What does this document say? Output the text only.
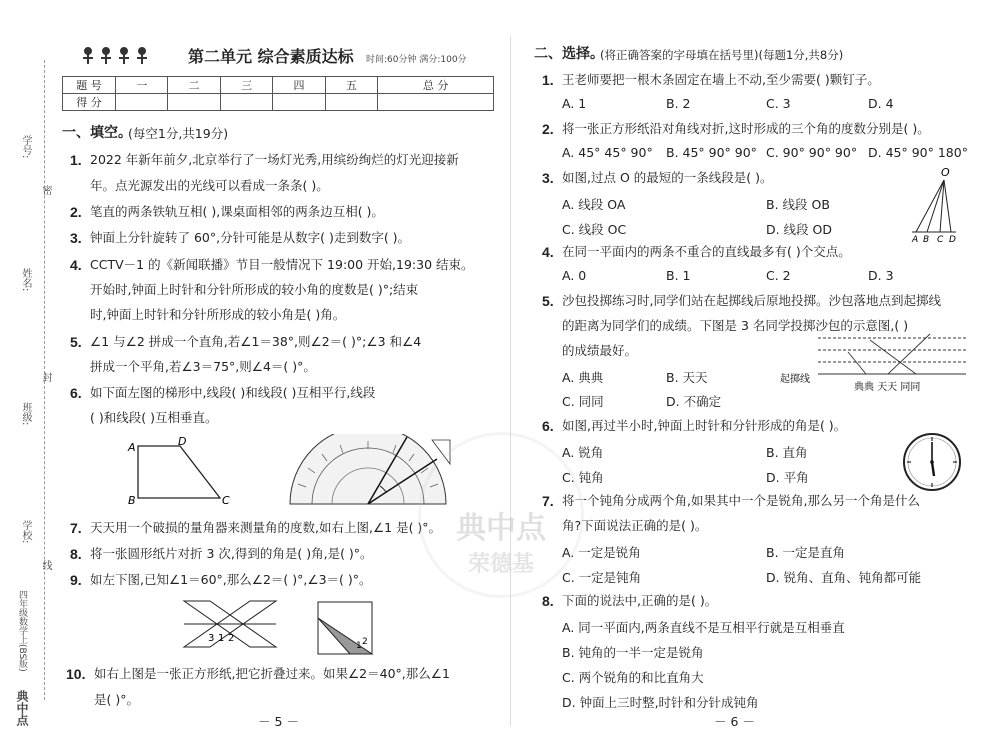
学号:
姓名:
班级:
学校:
密
封
线
四年级数学上(BS版)
典中点
第二单元 综合素质达标 时间:60分钟 满分:100分
题 号	一	二	三	四	五	总 分
得 分						
一、填空。
(每空1分,共19分)
1. 2022 年新年前夕,北京举行了一场灯光秀,用缤纷绚烂的灯光迎接新
年。点光源发出的光线可以看成一条条( )。
2. 笔直的两条铁轨互相( ),课桌面相邻的两条边互相( )。
3. 钟面上分针旋转了 60°,分针可能是从数字( )走到数字( )。
4. CCTV－1 的《新闻联播》节目一般情况下 19:00 开始,19:30 结束。
开始时,钟面上时针和分针所形成的较小角的度数是( )°;结束
时,钟面上时针和分针所形成的较小角是( )角。
5. ∠1 与∠2 拼成一个直角,若∠1＝38°,则∠2＝( )°;∠3 和∠4
拼成一个平角,若∠3＝75°,则∠4＝( )°。
6. 如下面左图的梯形中,线段( )和线段( )互相平行,线段
( )和线段( )互相垂直。
A	D
B	C
7. 天天用一个破损的量角器来测量角的度数,如右上图,∠1 是( )°。
8. 将一张圆形纸片对折 3 次,得到的角是( )角,是( )°。
9. 如左下图,已知∠1＝60°,那么∠2＝( )°,∠3＝( )°。
3 1 2
1 2
10. 如右上图是一张正方形纸,把它折叠过来。如果∠2＝40°,那么∠1
是( )°。
－ 5 －
二、选择。
(将正确答案的字母填在括号里)(每题1分,共8分)
1. 王老师要把一根木条固定在墙上不动,至少需要( )颗钉子。
A. 1	B. 2	C. 3	D. 4
2. 将一张正方形纸沿对角线对折,这时形成的三个角的度数分别是( )。
A. 45° 45° 90° B. 45° 90° 90° C. 90° 90° 90° D. 45° 90° 180°
3. 如图,过点 O 的最短的一条线段是( )。
A. 线段 OA	B. 线段 OB
C. 线段 OC	D. 线段 OD
O
A B C D
4. 在同一平面内的两条不重合的直线最多有( )个交点。
A. 0	B. 1	C. 2	D. 3
5. 沙包投掷练习时,同学们站在起掷线后原地投掷。沙包落地点到起掷线
的距离为同学们的成绩。下图是 3 名同学投掷沙包的示意图,( )
的成绩最好。
A. 典典	B. 天天
C. 同同	D. 不确定
起掷线
典典 天天 同同
6. 如图,再过半小时,钟面上时针和分针形成的角是( )。
A. 锐角	B. 直角
C. 钝角	D. 平角
7. 将一个钝角分成两个角,如果其中一个是锐角,那么另一个角是什么
角?下面说法正确的是( )。
A. 一定是锐角	B. 一定是直角
C. 一定是钝角	D. 锐角、直角、钝角都可能
8. 下面的说法中,正确的是( )。
A. 同一平面内,两条直线不是互相平行就是互相垂直
B. 钝角的一半一定是锐角
C. 两个锐角的和比直角大
D. 钟面上三时整,时针和分针成钝角
－ 6 －
典中点
荣德基
